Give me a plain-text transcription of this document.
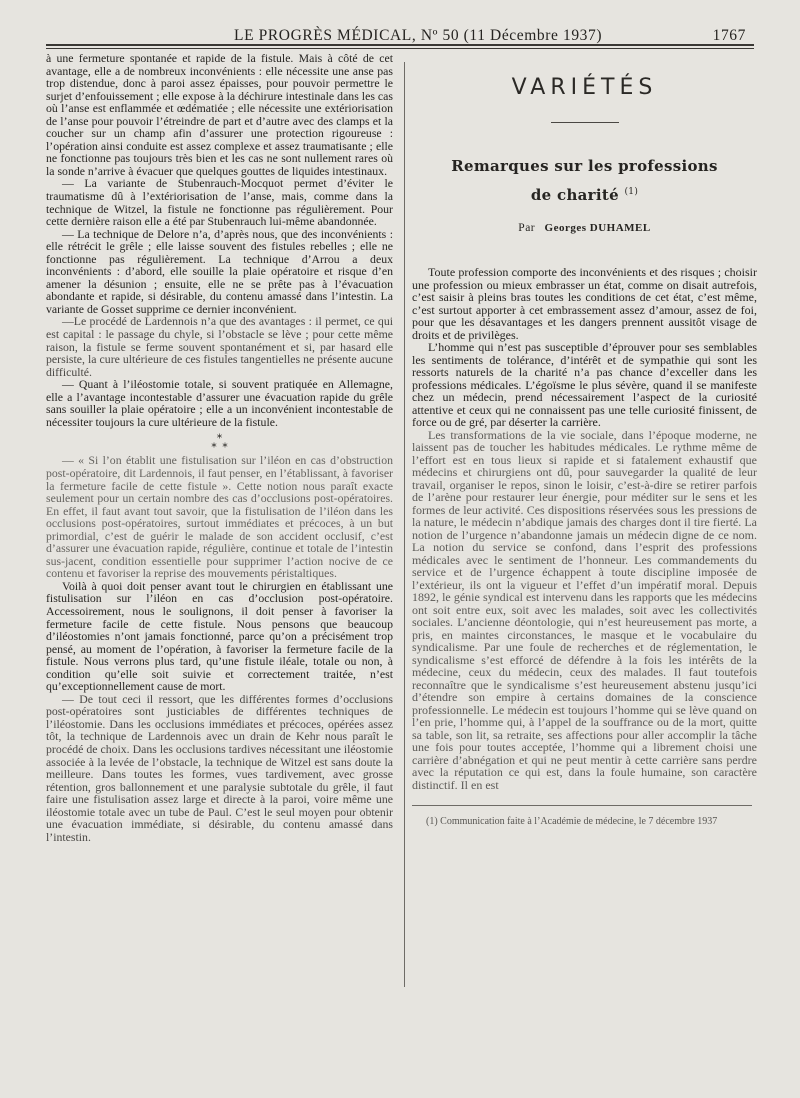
LE PROGRÈS MÉDICAL, Nº 50 (11 Décembre 1937)	1767

à une fermeture spontanée et rapide de la fistule. Mais à côté de cet avantage, elle a de nombreux inconvénients : elle nécessite une anse pas trop distendue, donc à paroi assez épaisses, pour pouvoir permettre le surjet d’enfouissement ; elle expose à la déchirure intestinale dans les cas où l’anse est enflammée et œdématiée ; elle nécessite une extériorisation de l’anse pour pouvoir l’étreindre de part et d’autre avec des clamps et la coucher sur un champ afin d’assurer une protection rigoureuse : l’opération ainsi conduite est assez complexe et assez traumatisante ; elle ne fonctionne pas toujours très bien et les cas ne sont nullement rares où la sonde n’arrive à évacuer que quelques gouttes de liquides intestinaux.

— La variante de Stubenrauch-Mocquot permet d’éviter le traumatisme dû à l’extériorisation de l’anse, mais, comme dans la technique de Witzel, la fistule ne fonctionne pas régulièrement. Pour cette dernière raison elle a été par Stubenrauch lui-même abandonnée.

— La technique de Delore n’a, d’après nous, que des inconvénients : elle rétrécit le grêle ; elle laisse souvent des fistules rebelles ; elle ne fonctionne pas régulièrement. La technique d’Arrou a deux inconvénients : d’abord, elle souille la plaie opératoire et risque d’en amener la désunion ; ensuite, elle ne se prête pas à l’évacuation abondante et rapide, si désirable, du contenu amassé dans l’intestin. La variante de Gosset supprime ce dernier inconvénient.

—Le procédé de Lardennois n’a que des avantages : il permet, ce qui est capital : le passage du chyle, si l’obstacle se lève ; pour cette même raison, la fistule se ferme souvent spontanément et si, par hasard elle persiste, la cure ultérieure de ces fistules tangentielles ne présente aucune difficulté.

— Quant à l’iléostomie totale, si souvent pratiquée en Allemagne, elle a l’avantage incontestable d’assurer une évacuation rapide du grêle sans souiller la plaie opératoire ; elle a un inconvénient incontestable de nécessiter toujours la cure ultérieure de la fistule.

⁎
⁎ ⁎

— « Si l’on établit une fistulisation sur l’iléon en cas d’obstruction post-opératoire, dit Lardennois, il faut penser, en l’établissant, à favoriser la fermeture facile de cette fistule ». Cette notion nous paraît exacte seulement pour un certain nombre des cas d’occlusions post-opératoires. En effet, il faut avant tout savoir, que la fistulisation de l’iléon dans les occlusions post-opératoires, surtout immédiates et précoces, à un but primordial, c’est de guérir le malade de son accident occlusif, c’est d’assurer une évacuation rapide, régulière, continue et totale de l’intestin sus-jacent, condition essentielle pour supprimer l’action nocive de ce contenu et favoriser la reprise des mouvements péristaltiques.

Voilà à quoi doit penser avant tout le chirurgien en établissant une fistulisation sur l’iléon en cas d’occlusion post-opératoire. Accessoirement, nous le soulignons, il doit penser à favoriser la fermeture facile de cette fistule. Nous pensons que beaucoup d’iléostomies n’ont jamais fonctionné, parce qu’on a précisément trop pensé, au moment de l’opération, à favoriser la fermeture facile de la fistule. Nous verrons plus tard, qu’une fistule iléale, totale ou non, à condition qu’elle soit suivie et correctement traitée, n’est qu’exceptionnellement cause de mort.

— De tout ceci il ressort, que les différentes formes d’occlusions post-opératoires sont justiciables de différentes techniques de l’iléostomie. Dans les occlusions immédiates et précoces, opérées assez tôt, la technique de Lardennois avec un drain de Kehr nous paraît le procédé de choix. Dans les occlusions tardives nécessitant une iléostomie associée à la levée de l’obstacle, la technique de Witzel est sans doute la meilleure. Dans toutes les formes, vues tardivement, avec grosse rétention, gros ballonnement et une paralysie subtotale du grêle, il faut faire une fistulisation assez large et directe à la paroi, voire même une iléostomie totale avec un tube de Paul. C’est le seul moyen pour obtenir une évacuation immédiate, si désirable, du contenu amassé dans l’intestin.

VARIÉTÉS
Remarques sur les professions
de charité $^{(1)}$
Par Georges DUHAMEL

Toute profession comporte des inconvénients et des risques ; choisir une profession ou mieux embrasser un état, comme on disait autrefois, c’est saisir à pleins bras toutes les conditions de cet état, c’est même, c’est surtout apporter à cet embrassement assez d’amour, assez de foi, pour que les désavantages et les dangers prennent aussitôt visage de droits et de privilèges.

L’homme qui n’est pas susceptible d’éprouver pour ses semblables les sentiments de tolérance, d’intérêt et de sympathie qui sont les ressorts naturels de la charité n’a pas chance d’exceller dans les professions médicales. L’égoïsme le plus sévère, quand il se manifeste chez un médecin, prend nécessairement l’aspect de la curiosité attentive et ceux qui ne connaissent pas une telle curiosité finissent, de force ou de gré, par déserter la carrière.

Les transformations de la vie sociale, dans l’époque moderne, ne laissent pas de toucher les habitudes médicales. Le rythme même de l’effort est en tous lieux si rapide et si fatalement exhaustif que médecins et chirurgiens ont dû, pour sauvegarder la qualité de leur travail, organiser le repos, sinon le loisir, c’est-à-dire se retirer parfois de l’arène pour restaurer leur énergie, pour méditer sur le sens et les formes de leur activité. Ces dispositions réservées sous les pressions de la nature, le médecin n’abdique jamais des charges dont il tire fierté. La notion de l’urgence n’abandonne jamais un médecin digne de ce nom. La notion du service se confond, dans l’esprit des professions médicales avec le sentiment de l’honneur. Les commandements du service et de l’urgence échappent à toute discipline imposée de l’extérieur, ils ont la vigueur et l’effet d’un impératif moral. Depuis 1892, le génie syndical est intervenu dans les rapports que les médecins ont soit entre eux, soit avec les malades, soit avec les collectivités sociales. L’ancienne déontologie, qui n’est heureusement pas morte, a pris, en maintes circonstances, le masque et le vocabulaire du syndicalisme. Par une foule de recherches et de réglementation, le syndicalisme s’est efforcé de défendre à la fois les intérêts de la médecine, ceux du médecin, ceux des malades. Il faut toutefois reconnaître que le syndicalisme s’est heureusement abstenu jusqu’ici d’étendre son empire à certains domaines de la conscience professionnelle. Le médecin est toujours l’homme qui se lève quand on l’en prie, l’homme qui, à l’appel de la souffrance ou de la mort, quitte sa table, son lit, sa retraite, ses affections pour aller accomplir la tâche une fois pour toutes acceptée, l’homme qui a librement choisi une carrière d’abnégation et qui ne peut mentir à cette carrière sans perdre avec la réputation ce qui est, dans la foule humaine, son caractère distinctif. Il en est

(1) Communication faite à l’Académie de médecine, le 7 décembre 1937
